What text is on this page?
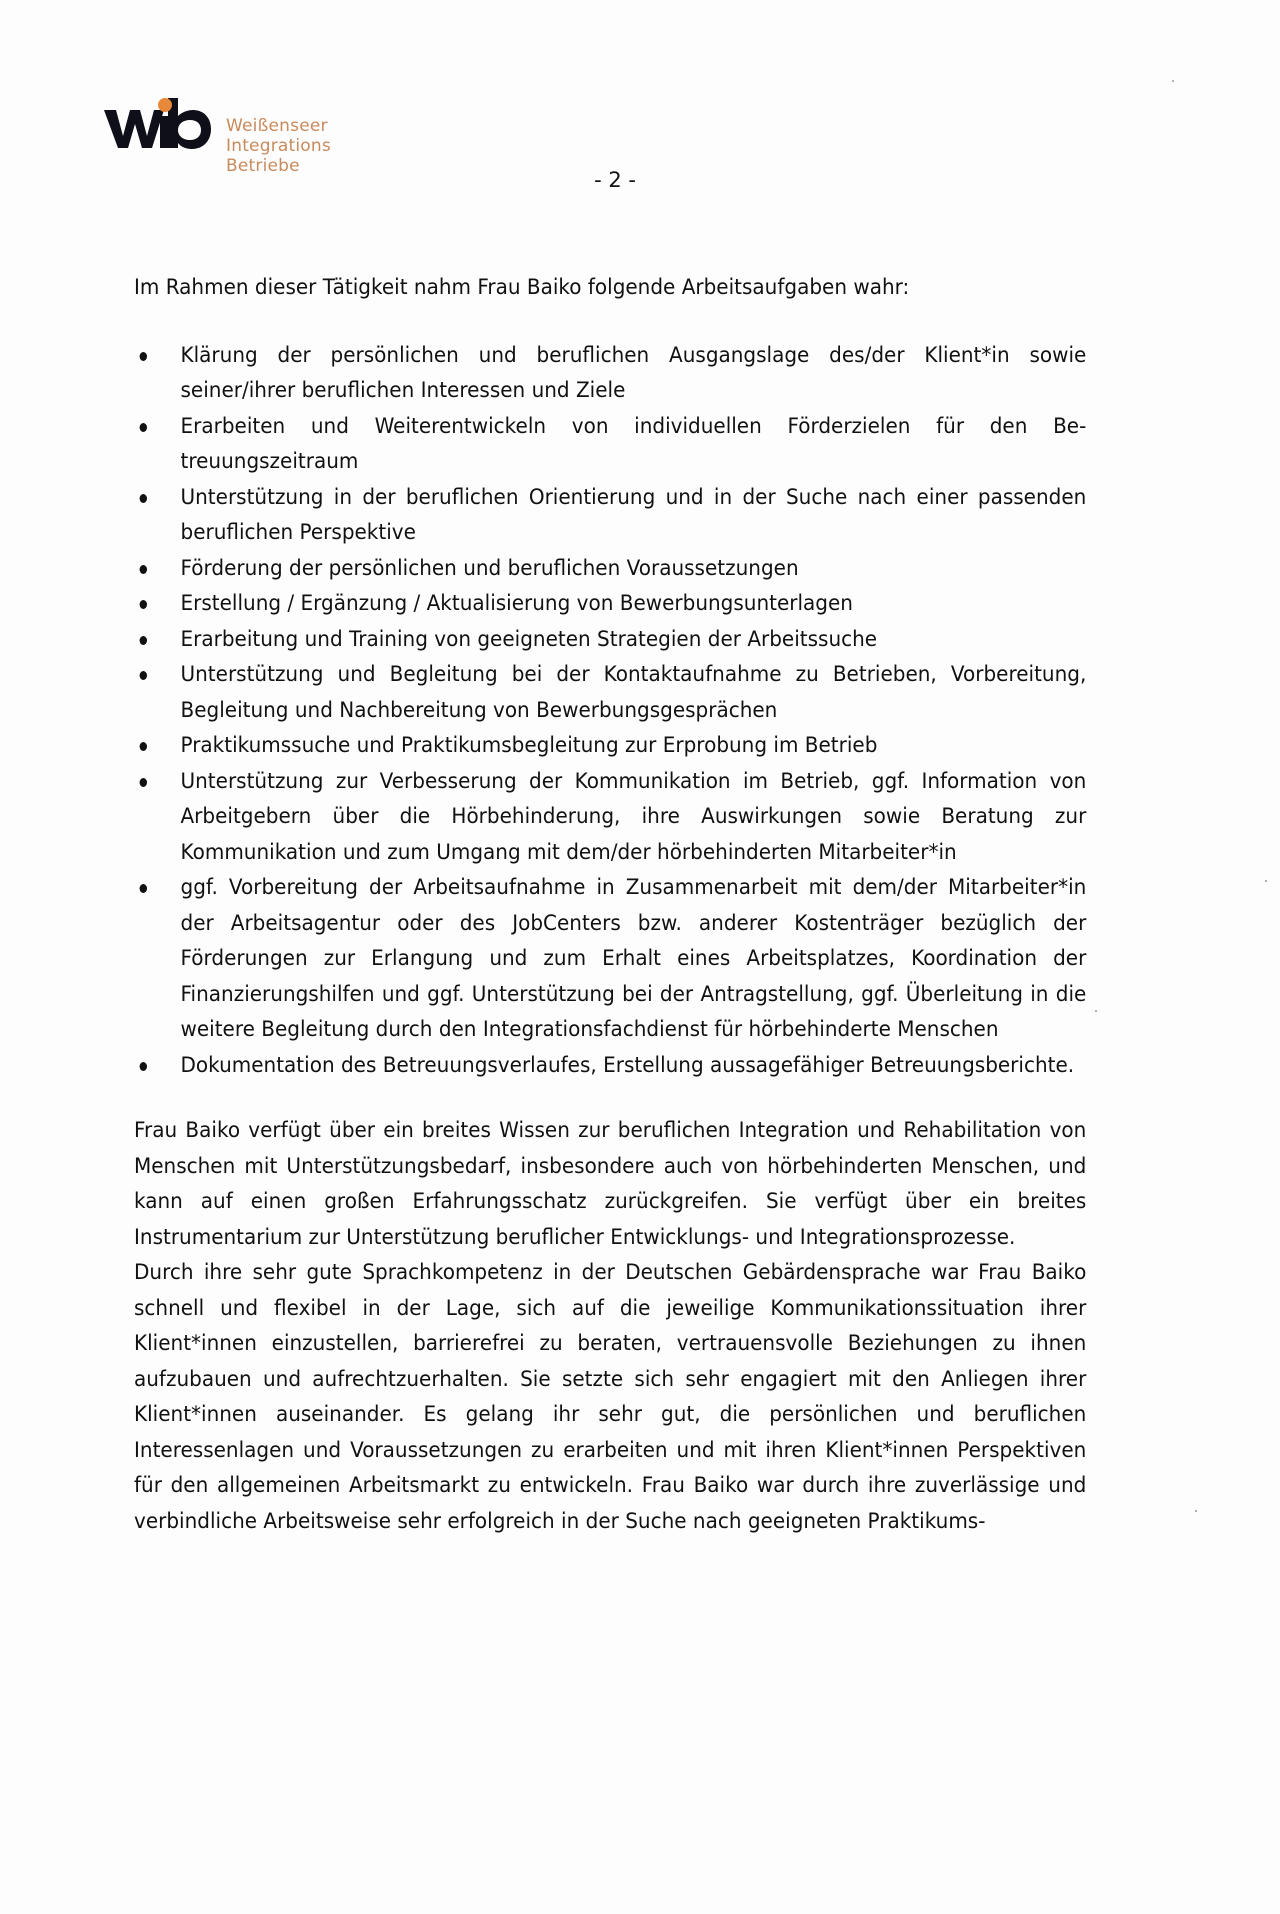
Weißenseer
Integrations
Betriebe
- 2 -

Im Rahmen dieser Tätigkeit nahm Frau Baiko folgende Arbeitsaufgaben wahr:

Klärung der persönlichen und beruflichen Ausgangslage des/der Klient*in sowie seiner/ihrer beruflichen Interessen und Ziele
Erarbeiten und Weiterentwickeln von individuellen Förderzielen für den Betreuungszeitraum
Unterstützung in der beruflichen Orientierung und in der Suche nach einer passenden beruflichen Perspektive
Förderung der persönlichen und beruflichen Voraussetzungen
Erstellung / Ergänzung / Aktualisierung von Bewerbungsunterlagen
Erarbeitung und Training von geeigneten Strategien der Arbeitssuche
Unterstützung und Begleitung bei der Kontaktaufnahme zu Betrieben, Vorbereitung, Begleitung und Nachbereitung von Bewerbungsgesprächen
Praktikumssuche und Praktikumsbegleitung zur Erprobung im Betrieb
Unterstützung zur Verbesserung der Kommunikation im Betrieb, ggf. Information von Arbeitgebern über die Hörbehinderung, ihre Auswirkungen sowie Beratung zur Kommunikation und zum Umgang mit dem/der hörbehinderten Mitarbeiter*in
ggf. Vorbereitung der Arbeitsaufnahme in Zusammenarbeit mit dem/der Mitarbeiter*in der Arbeitsagentur oder des JobCenters bzw. anderer Kostenträger bezüglich der Förderungen zur Erlangung und zum Erhalt eines Arbeitsplatzes, Koordination der Finanzierungshilfen und ggf. Unterstützung bei der Antragstellung, ggf. Überleitung in die weitere Begleitung durch den Integrationsfachdienst für hörbehinderte Menschen
Dokumentation des Betreuungsverlaufes, Erstellung aussagefähiger Betreuungsberichte.

Frau Baiko verfügt über ein breites Wissen zur beruflichen Integration und Rehabilitation von Menschen mit Unterstützungsbedarf, insbesondere auch von hörbehinderten Menschen, und kann auf einen großen Erfahrungsschatz zurückgreifen. Sie verfügt über ein breites Instrumentarium zur Unterstützung beruflicher Entwicklungs- und Integrationsprozesse.

Durch ihre sehr gute Sprachkompetenz in der Deutschen Gebärdensprache war Frau Baiko schnell und flexibel in der Lage, sich auf die jeweilige Kommunikationssituation ihrer Klient*innen einzustellen, barrierefrei zu beraten, vertrauensvolle Beziehungen zu ihnen aufzubauen und aufrechtzuerhalten. Sie setzte sich sehr engagiert mit den Anliegen ihrer Klient*innen auseinander. Es gelang ihr sehr gut, die persönlichen und beruflichen Interessenlagen und Voraussetzungen zu erarbeiten und mit ihren Klient*innen Perspektiven für den allgemeinen Arbeitsmarkt zu entwickeln. Frau Baiko war durch ihre zuverlässige und verbindliche Arbeitsweise sehr erfolgreich in der Suche nach geeigneten Praktikums-
